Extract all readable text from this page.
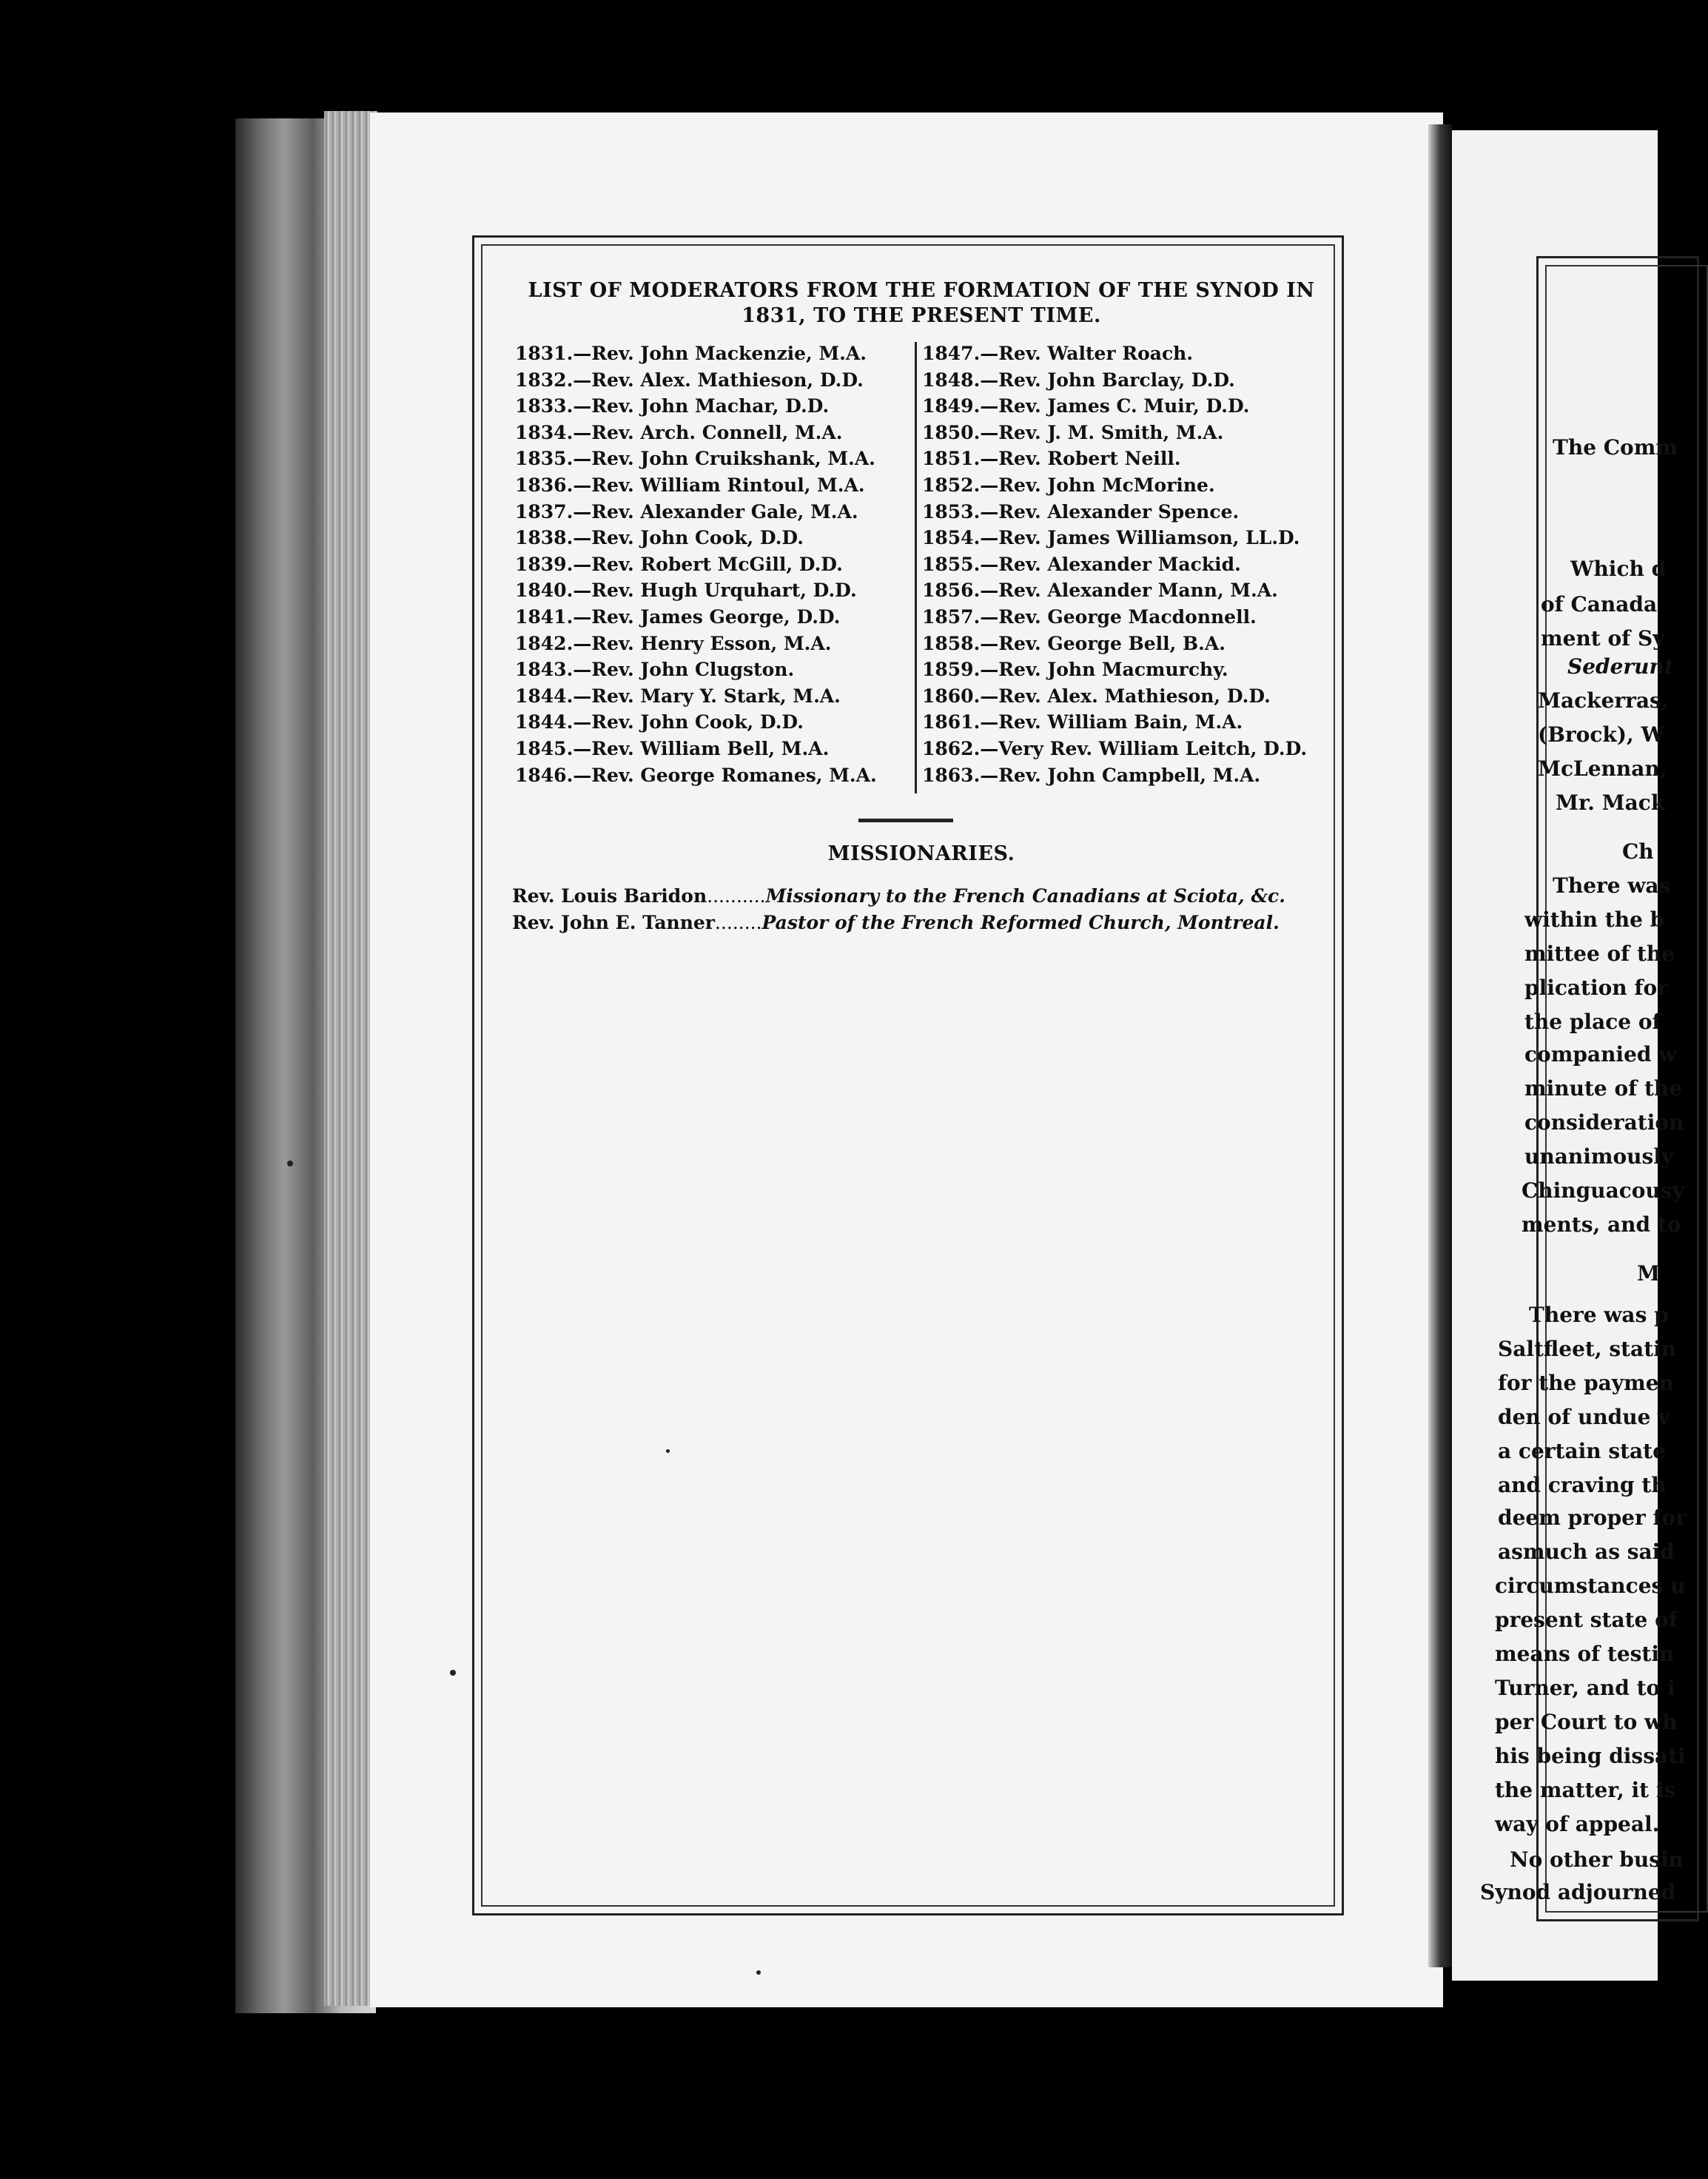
LIST OF MODERATORS FROM THE FORMATION OF THE SYNOD IN
1831, TO THE PRESENT TIME.
1831.—Rev. John Mackenzie, M.A.
1832.—Rev. Alex. Mathieson, D.D.
1833.—Rev. John Machar, D.D.
1834.—Rev. Arch. Connell, M.A.
1835.—Rev. John Cruikshank, M.A.
1836.—Rev. William Rintoul, M.A.
1837.—Rev. Alexander Gale, M.A.
1838.—Rev. John Cook, D.D.
1839.—Rev. Robert McGill, D.D.
1840.—Rev. Hugh Urquhart, D.D.
1841.—Rev. James George, D.D.
1842.—Rev. Henry Esson, M.A.
1843.—Rev. John Clugston.
1844.—Rev. Mary Y. Stark, M.A.
1844.—Rev. John Cook, D.D.
1845.—Rev. William Bell, M.A.
1846.—Rev. George Romanes, M.A.
1847.—Rev. Walter Roach.
1848.—Rev. John Barclay, D.D.
1849.—Rev. James C. Muir, D.D.
1850.—Rev. J. M. Smith, M.A.
1851.—Rev. Robert Neill.
1852.—Rev. John McMorine.
1853.—Rev. Alexander Spence.
1854.—Rev. James Williamson, LL.D.
1855.—Rev. Alexander Mackid.
1856.—Rev. Alexander Mann, M.A.
1857.—Rev. George Macdonnell.
1858.—Rev. George Bell, B.A.
1859.—Rev. John Macmurchy.
1860.—Rev. Alex. Mathieson, D.D.
1861.—Rev. William Bain, M.A.
1862.—Very Rev. William Leitch, D.D.
1863.—Rev. John Campbell, M.A.
MISSIONARIES.
Rev. Louis Baridon..........Missionary to the French Canadians at Sciota, &c.
Rev. John E. Tanner........Pastor of the French Reformed Church, Montreal.
The Comm
Which d
of Canada
ment of Sy
Sederunt
Mackerras,
(Brock), W
McLennan,
Mr. Mack
Ch
There was
within the b
mittee of the
plication for
the place of
companied w
minute of the
consideration
unanimously
Chinguacousy
ments, and to
M
There was p
Saltfleet, statin
for the paymen
den of undue v
a certain state
and craving th
deem proper for
asmuch as said
circumstances u
present state of
means of testin
Turner, and to i
per Court to wh
his being dissati
the matter, it is
way of appeal.
No other busin
Synod adjourned
